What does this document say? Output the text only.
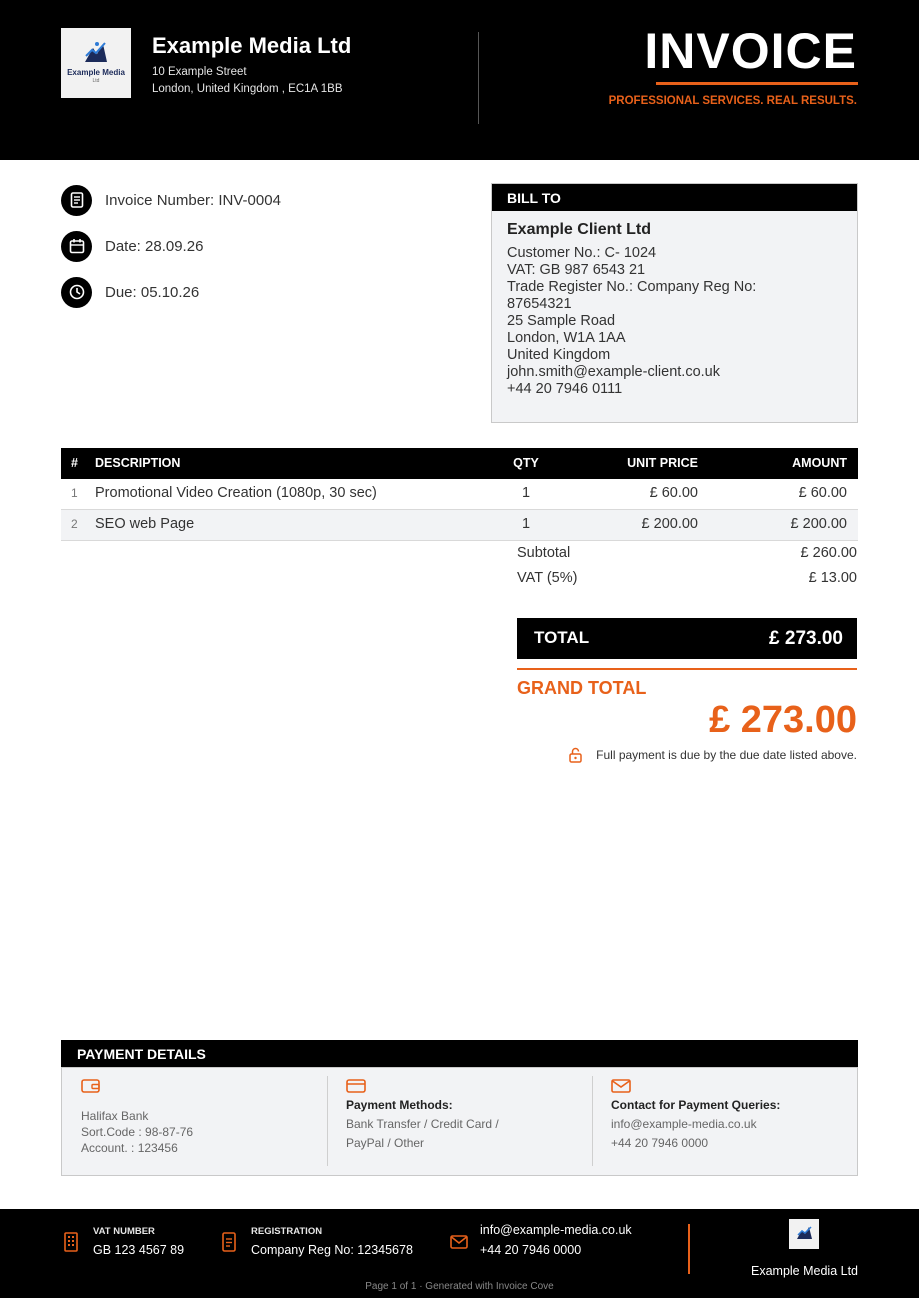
Example Media
Ltd
Example Media Ltd
10 Example Street
London, United Kingdom , EC1A 1BB
INVOICE
PROFESSIONAL SERVICES. REAL RESULTS.
Invoice Number: INV-0004
Date: 28.09.26
Due: 05.10.26
BILL TO
Example Client Ltd
Customer No.: C- 1024
VAT: GB 987 6543 21
Trade Register No.: Company Reg No:
87654321
25 Sample Road
London, W1A 1AA
United Kingdom
john.smith@example-client.co.uk
+44 20 7946 0111
# DESCRIPTION	QTY	UNIT PRICE	AMOUNT
1 Promotional Video Creation (1080p, 30 sec)	1	£ 60.00	£ 60.00
2 SEO web Page	1	£ 200.00	£ 200.00
Subtotal	£ 260.00
VAT (5%)	£ 13.00
TOTAL	£ 273.00
GRAND TOTAL
£ 273.00
Full payment is due by the due date listed above.
PAYMENT DETAILS
Halifax Bank
Sort.Code : 98-87-76
Account. : 123456
Payment Methods:
Bank Transfer / Credit Card /
PayPal / Other
Contact for Payment Queries:
info@example-media.co.uk
+44 20 7946 0000
VAT NUMBER
GB 123 4567 89
REGISTRATION
Company Reg No: 12345678
info@example-media.co.uk
+44 20 7946 0000
Example Media Ltd
Page 1 of 1 · Generated with Invoice Cove
